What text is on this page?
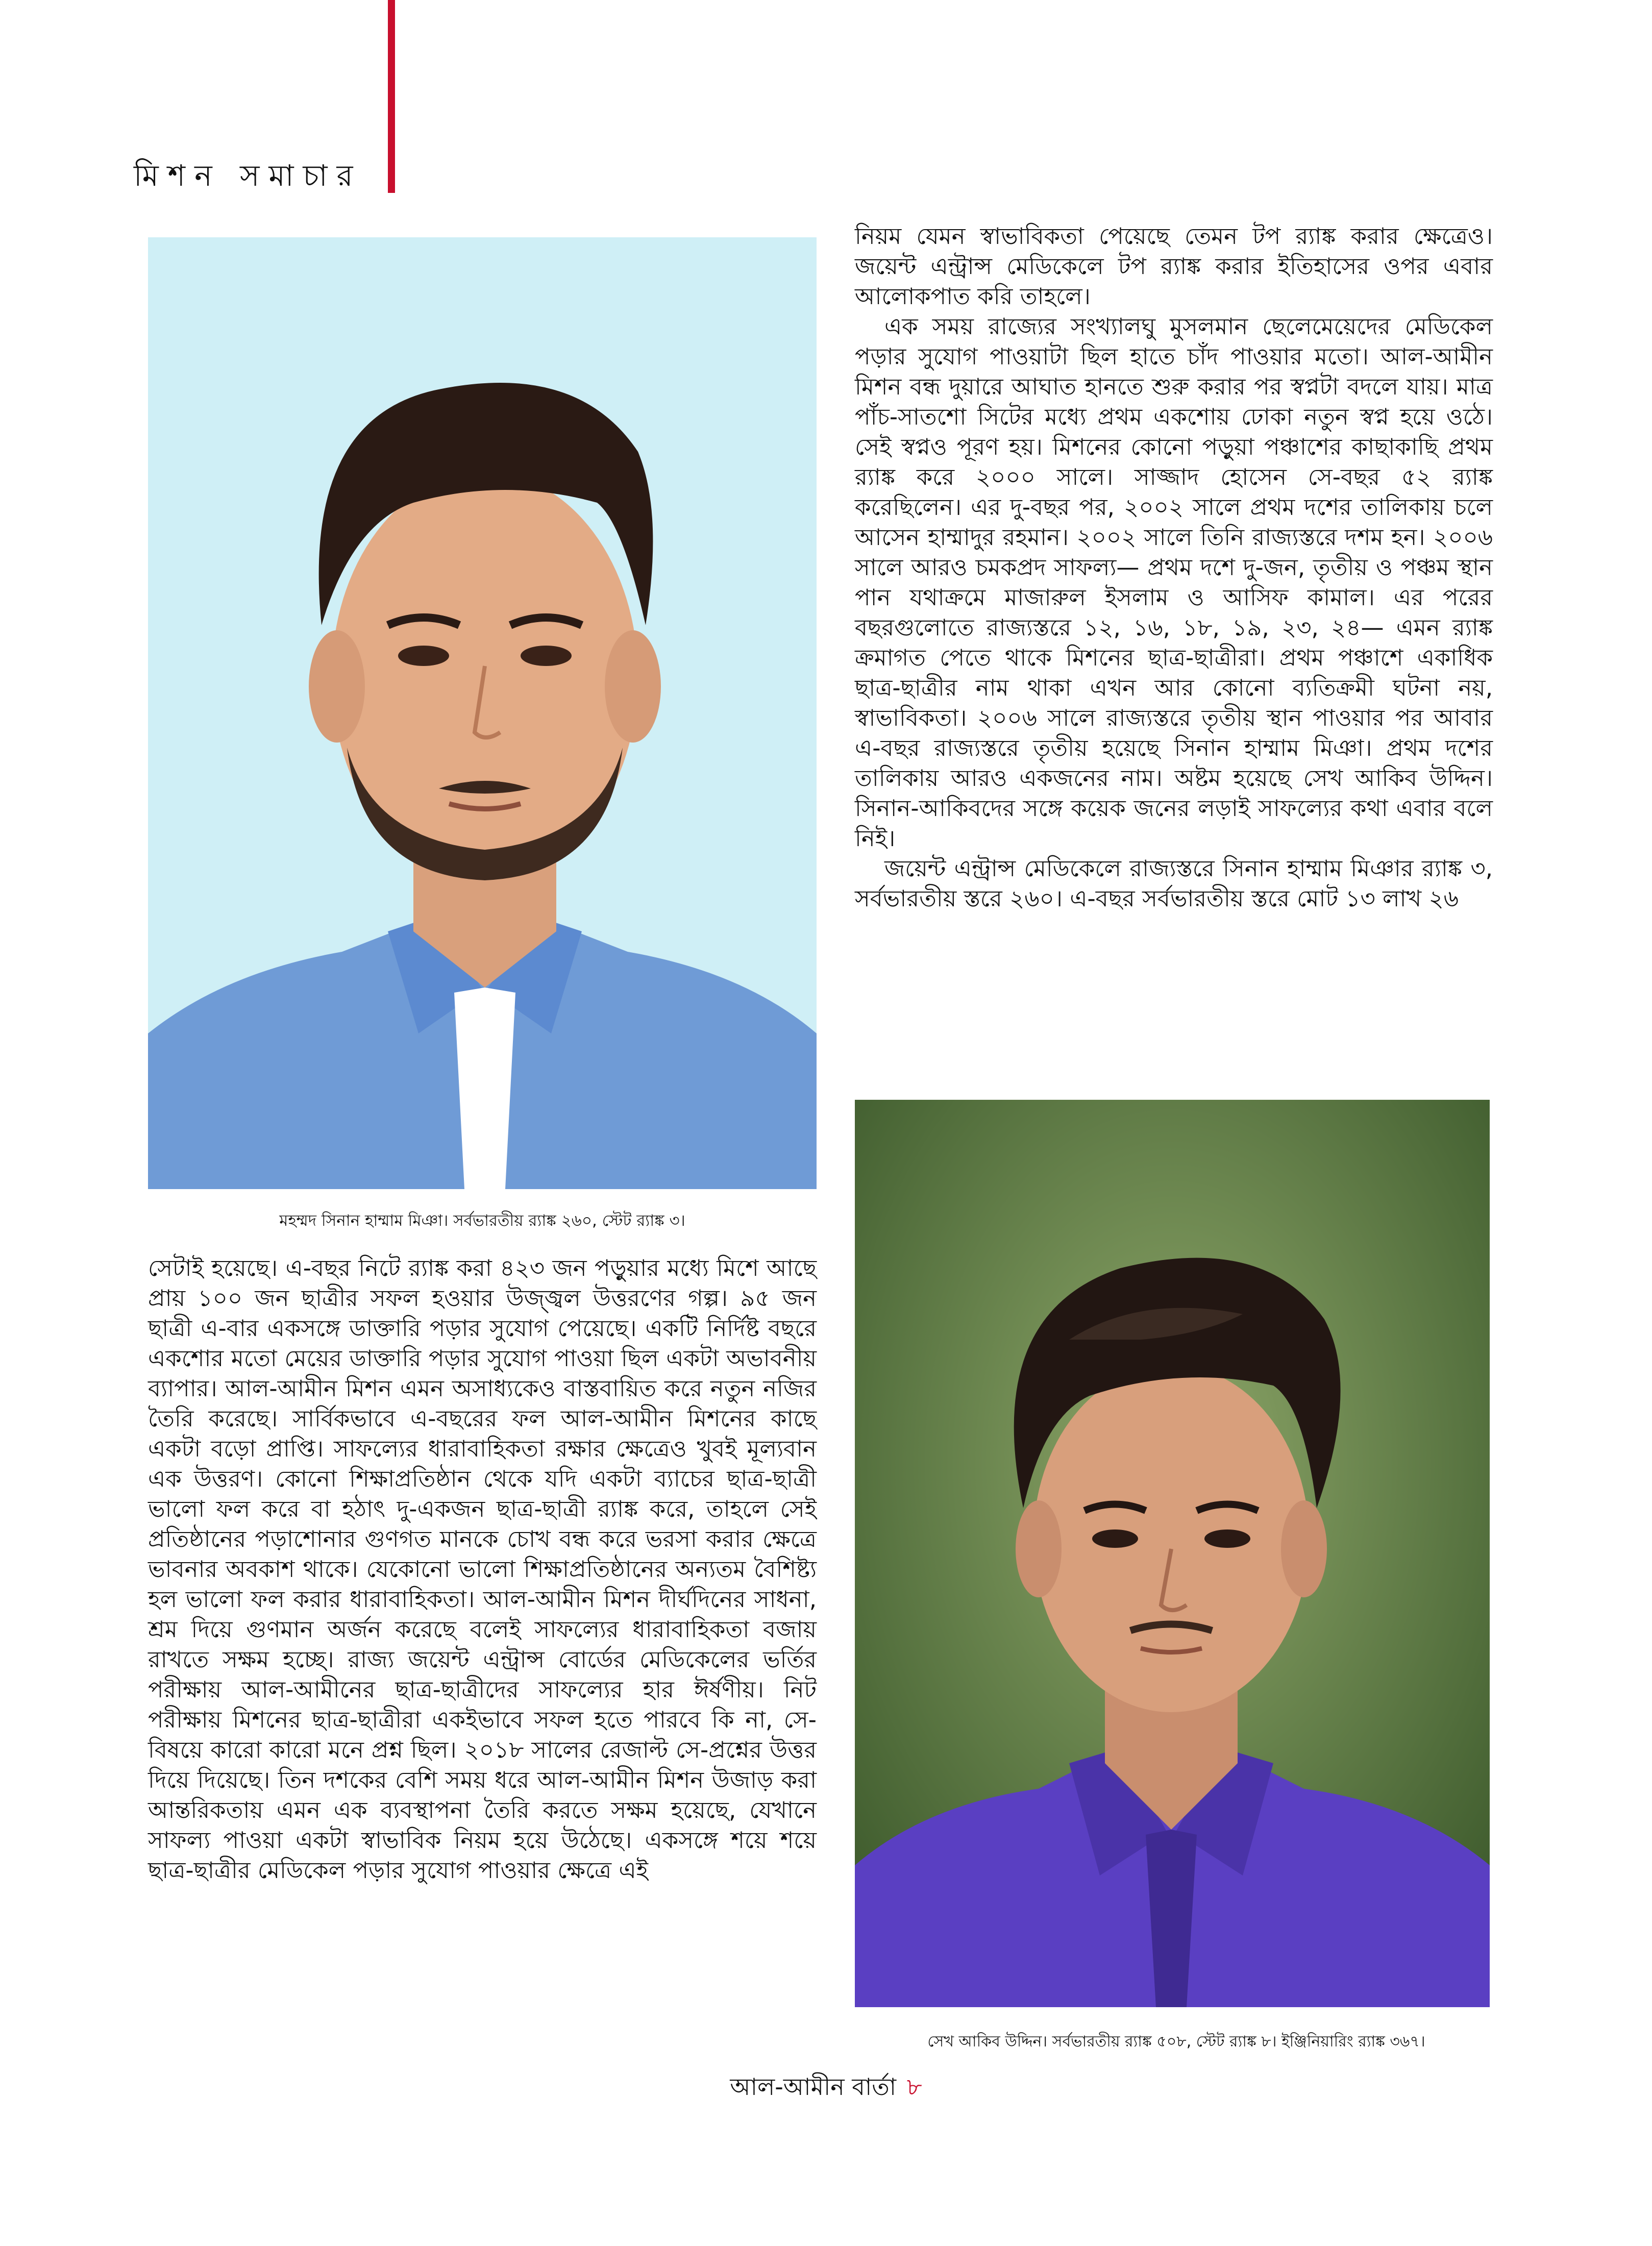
মিশন সমাচার
মহম্মদ সিনান হাম্মাম মিঞা। সর্বভারতীয় র‌্যাঙ্ক ২৬০, স্টেট র‌্যাঙ্ক ৩।

নিয়ম যেমন স্বাভাবিকতা পেয়েছে তেমন টপ র‌্যাঙ্ক করার ক্ষেত্রেও। জয়েন্ট এন্ট্রান্স মেডিকেলে টপ র‌্যাঙ্ক করার ইতিহাসের ওপর এবার আলোকপাত করি তাহলে।

এক সময় রাজ্যের সংখ্যালঘু মুসলমান ছেলেমেয়েদের মেডিকেল পড়ার সুযোগ পাওয়াটা ছিল হাতে চাঁদ পাওয়ার মতো। আল-আমীন মিশন বন্ধ দুয়ারে আঘাত হানতে শুরু করার পর স্বপ্নটা বদলে যায়। মাত্র পাঁচ-সাতশো সিটের মধ্যে প্রথম একশোয় ঢোকা নতুন স্বপ্ন হয়ে ওঠে। সেই স্বপ্নও পূরণ হয়। মিশনের কোনো পড়ুয়া পঞ্চাশের কাছাকাছি প্রথম র‌্যাঙ্ক করে ২০০০ সালে। সাজ্জাদ হোসেন সে-বছর ৫২ র‌্যাঙ্ক করেছিলেন। এর দু-বছর পর, ২০০২ সালে প্রথম দশের তালিকায় চলে আসেন হাম্মাদুর রহমান। ২০০২ সালে তিনি রাজ্যস্তরে দশম হন। ২০০৬ সালে আরও চমকপ্রদ সাফল্য— প্রথম দশে দু-জন, তৃতীয় ও পঞ্চম স্থান পান যথাক্রমে মাজারুল ইসলাম ও আসিফ কামাল। এর পরের বছরগুলোতে রাজ্যস্তরে ১২, ১৬, ১৮, ১৯, ২৩, ২৪— এমন র‌্যাঙ্ক ক্রমাগত পেতে থাকে মিশনের ছাত্র-ছাত্রীরা। প্রথম পঞ্চাশে একাধিক ছাত্র-ছাত্রীর নাম থাকা এখন আর কোনো ব্যতিক্রমী ঘটনা নয়, স্বাভাবিকতা। ২০০৬ সালে রাজ্যস্তরে তৃতীয় স্থান পাওয়ার পর আবার এ-বছর রাজ্যস্তরে তৃতীয় হয়েছে সিনান হাম্মাম মিঞা। প্রথম দশের তালিকায় আরও একজনের নাম। অষ্টম হয়েছে সেখ আকিব উদ্দিন। সিনান-আকিবদের সঙ্গে কয়েক জনের লড়াই সাফল্যের কথা এবার বলে নিই।

জয়েন্ট এন্ট্রান্স মেডিকেলে রাজ্যস্তরে সিনান হাম্মাম মিঞার র‌্যাঙ্ক ৩, সর্বভারতীয় স্তরে ২৬০। এ-বছর সর্বভারতীয় স্তরে মোট ১৩ লাখ ২৬

সেটাই হয়েছে। এ-বছর নিটে র‌্যাঙ্ক করা ৪২৩ জন পড়ুয়ার মধ্যে মিশে আছে প্রায় ১০০ জন ছাত্রীর সফল হওয়ার উজ্জ্বল উত্তরণের গল্প। ৯৫ জন ছাত্রী এ-বার একসঙ্গে ডাক্তারি পড়ার সুযোগ পেয়েছে। একটি নির্দিষ্ট বছরে একশোর মতো মেয়ের ডাক্তারি পড়ার সুযোগ পাওয়া ছিল একটা অভাবনীয় ব্যাপার। আল-আমীন মিশন এমন অসাধ্যকেও বাস্তবায়িত করে নতুন নজির তৈরি করেছে। সার্বিকভাবে এ-বছরের ফল আল-আমীন মিশনের কাছে একটা বড়ো প্রাপ্তি। সাফল্যের ধারাবাহিকতা রক্ষার ক্ষেত্রেও খুবই মূল্যবান এক উত্তরণ। কোনো শিক্ষাপ্রতিষ্ঠান থেকে যদি একটা ব্যাচের ছাত্র-ছাত্রী ভালো ফল করে বা হঠাৎ দু-একজন ছাত্র-ছাত্রী র‌্যাঙ্ক করে, তাহলে সেই প্রতিষ্ঠানের পড়াশোনার গুণগত মানকে চোখ বন্ধ করে ভরসা করার ক্ষেত্রে ভাবনার অবকাশ থাকে। যেকোনো ভালো শিক্ষাপ্রতিষ্ঠানের অন্যতম বৈশিষ্ট্য হল ভালো ফল করার ধারাবাহিকতা। আল-আমীন মিশন দীর্ঘদিনের সাধনা, শ্রম দিয়ে গুণমান অর্জন করেছে বলেই সাফল্যের ধারাবাহিকতা বজায় রাখতে সক্ষম হচ্ছে। রাজ্য জয়েন্ট এন্ট্রান্স বোর্ডের মেডিকেলের ভর্তির পরীক্ষায় আল-আমীনের ছাত্র-ছাত্রীদের সাফল্যের হার ঈর্ষণীয়। নিট পরীক্ষায় মিশনের ছাত্র-ছাত্রীরা একইভাবে সফল হতে পারবে কি না, সে-বিষয়ে কারো কারো মনে প্রশ্ন ছিল। ২০১৮ সালের রেজাল্ট সে-প্রশ্নের উত্তর দিয়ে দিয়েছে। তিন দশকের বেশি সময় ধরে আল-আমীন মিশন উজাড় করা আন্তরিকতায় এমন এক ব্যবস্থাপনা তৈরি করতে সক্ষম হয়েছে, যেখানে সাফল্য পাওয়া একটা স্বাভাবিক নিয়ম হয়ে উঠেছে। একসঙ্গে শয়ে শয়ে ছাত্র-ছাত্রীর মেডিকেল পড়ার সুযোগ পাওয়ার ক্ষেত্রে এই

সেখ আকিব উদ্দিন। সর্বভারতীয় র‌্যাঙ্ক ৫০৮, স্টেট র‌্যাঙ্ক ৮। ইঞ্জিনিয়ারিং র‌্যাঙ্ক ৩৬৭।
আল-আমীন বার্তা ৮
